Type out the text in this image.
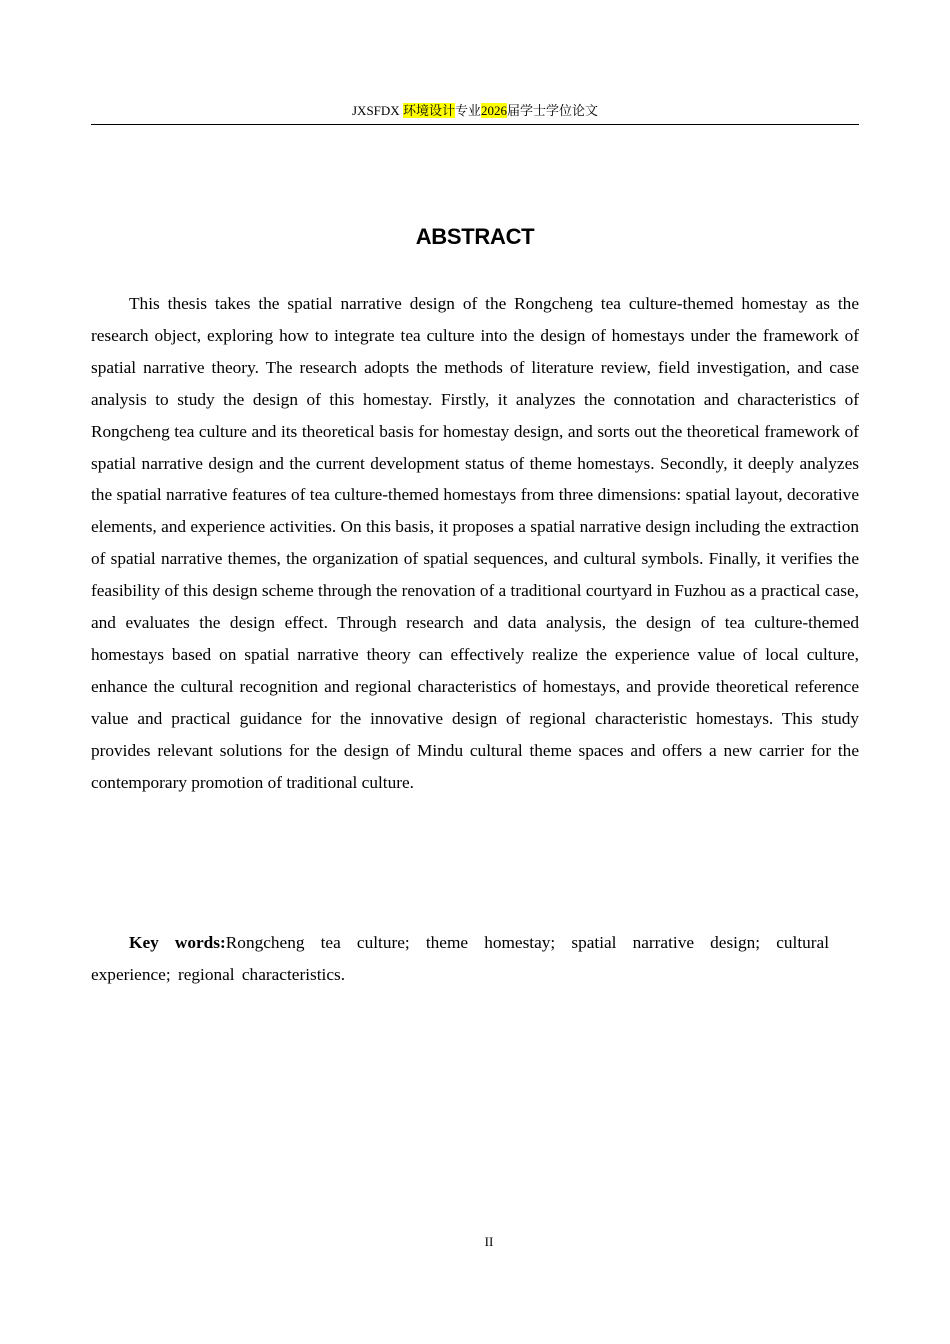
JXSFDX 环境设计专业2026届学士学位论文
ABSTRACT

This thesis takes the spatial narrative design of the Rongcheng tea culture-themed homestay as the research object, exploring how to integrate tea culture into the design of homestays under the framework of spatial narrative theory. The research adopts the methods of literature review, field investigation, and case analysis to study the design of this homestay. Firstly, it analyzes the connotation and characteristics of Rongcheng tea culture and its theoretical basis for homestay design, and sorts out the theoretical framework of spatial narrative design and the current development status of theme homestays. Secondly, it deeply analyzes the spatial narrative features of tea culture-themed homestays from three dimensions: spatial layout, decorative elements, and experience activities. On this basis, it proposes a spatial narrative design including the extraction of spatial narrative themes, the organization of spatial sequences, and cultural symbols. Finally, it verifies the feasibility of this design scheme through the renovation of a traditional courtyard in Fuzhou as a practical case, and evaluates the design effect. Through research and data analysis, the design of tea culture-themed homestays based on spatial narrative theory can effectively realize the experience value of local culture, enhance the cultural recognition and regional characteristics of homestays, and provide theoretical reference value and practical guidance for the innovative design of regional characteristic homestays. This study provides relevant solutions for the design of Mindu cultural theme spaces and offers a new carrier for the contemporary promotion of traditional culture.

Key words:Rongcheng tea culture; theme homestay; spatial narrative design; cultural experience; regional characteristics.

II
